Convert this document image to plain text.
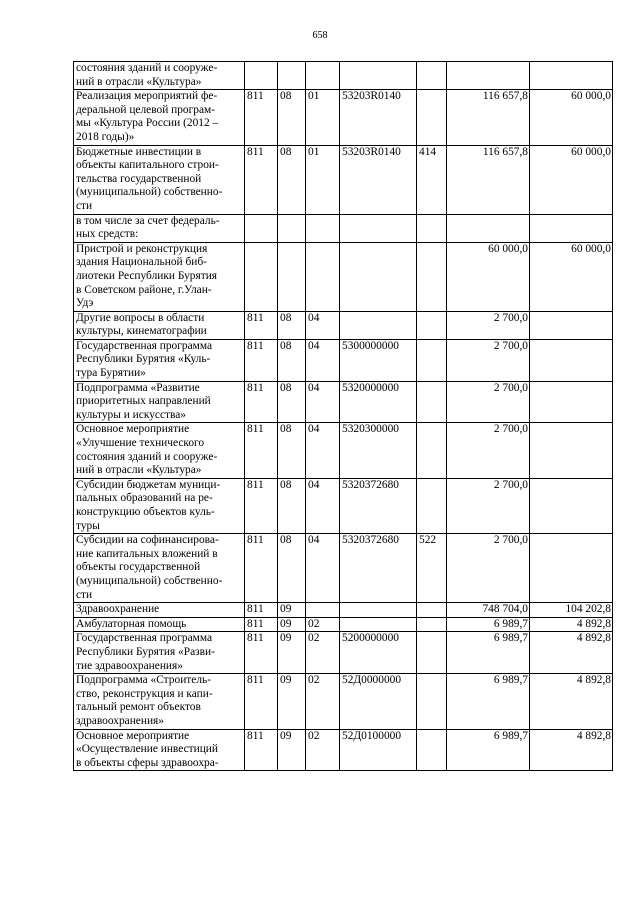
658
состояния зданий и сооруже-
ний в отрасли «Культура»							

Реализация мероприятий фе-
деральной целевой програм-
мы «Культура России (2012 –
2018 годы)»	811	08	01	53203R0140		116 657,8	60 000,0

Бюджетные инвестиции в
объекты капитального строи-
тельства государственной
(муниципальной) собственно-
сти	811	08	01	53203R0140	414	116 657,8	60 000,0

в том числе за счет федераль-
ных средств:							

Пристрой и реконструкция
здания Национальной биб-
лиотеки Республики Бурятия
в Советском районе, г.Улан-
Удэ						60 000,0	60 000,0

Другие вопросы в области
культуры, кинематографии	811	08	04			2 700,0	

Государственная программа
Республики Бурятия «Куль-
тура Бурятии»	811	08	04	5300000000		2 700,0	

Подпрограмма «Развитие
приоритетных направлений
культуры и искусства»	811	08	04	5320000000		2 700,0	

Основное мероприятие
«Улучшение технического
состояния зданий и сооруже-
ний в отрасли «Культура»	811	08	04	5320300000		2 700,0	

Субсидии бюджетам муници-
пальных образований на ре-
конструкцию объектов куль-
туры	811	08	04	5320372680		2 700,0	

Субсидии на софинансирова-
ние капитальных вложений в
объекты государственной
(муниципальной) собственно-
сти	811	08	04	5320372680	522	2 700,0	

Здравоохранение	811	09				748 704,0	104 202,8

Амбулаторная помощь	811	09	02			6 989,7	4 892,8

Государственная программа
Республики Бурятия «Разви-
тие здравоохранения»	811	09	02	5200000000		6 989,7	4 892,8

Подпрограмма «Строитель-
ство, реконструкция и капи-
тальный ремонт объектов
здравоохранения»	811	09	02	52Д0000000		6 989,7	4 892,8

Основное мероприятие
«Осуществление инвестиций
в объекты сферы здравоохра-	811	09	02	52Д0100000		6 989,7	4 892,8
